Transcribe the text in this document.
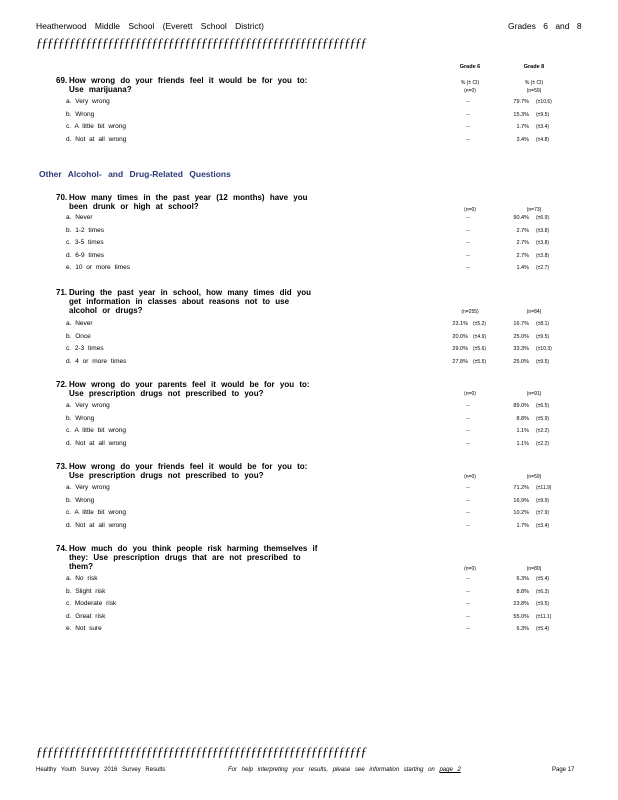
Heatherwood Middle School (Everett School District)	Grades 6 and 8
ƒƒƒƒƒƒƒƒƒƒƒƒƒƒƒƒƒƒƒƒƒƒƒƒƒƒƒƒƒƒƒƒƒƒƒƒƒƒƒƒƒƒƒƒƒƒƒƒƒƒƒƒƒƒƒƒƒƒƒƒ
Grade 6	Grade 8
% (± CI)	% (± CI)
69. How wrong do your friends feel it would be for you to: Use marijuana?	(n=0)	(n=59)
a. Very wrong	--	79.7% (±10.6)
b. Wrong	--	15.3% (±9.5)
c. A little bit wrong	--	1.7% (±3.4)
d. Not at all wrong	--	3.4% (±4.8)
70. How many times in the past year (12 months) have you been drunk or high at school?	(n=0)	(n=73)
a. Never	--	90.4% (±6.9)
b. 1-2 times	--	2.7% (±3.8)
c. 3-5 times	--	2.7% (±3.8)
d. 6-9 times	--	2.7% (±3.8)
e. 10 or more times	--	1.4% (±2.7)
71. During the past year in school, how many times did you get information in classes about reasons not to use alcohol or drugs?	(n=255)	(n=84)
a. Never	23.1% (±5.2)	16.7% (±8.1)
b. Once	20.0% (±4.9)	25.0% (±9.5)
c. 2-3 times	29.0% (±5.6)	33.3% (±10.3)
d. 4 or more times	27.8% (±5.5)	25.0% (±9.5)
72. How wrong do your parents feel it would be for you to: Use prescription drugs not prescribed to you?	(n=0)	(n=91)
a. Very wrong	--	89.0% (±6.5)
b. Wrong	--	8.8% (±5.9)
c. A little bit wrong	--	1.1% (±2.2)
d. Not at all wrong	--	1.1% (±2.2)
73. How wrong do your friends feel it would be for you to: Use prescription drugs not prescribed to you?	(n=0)	(n=59)
a. Very wrong	--	71.2% (±11.9)
b. Wrong	--	16.9% (±9.9)
c. A little bit wrong	--	10.2% (±7.9)
d. Not at all wrong	--	1.7% (±3.4)
74. How much do you think people risk harming themselves if they: Use prescription drugs that are not prescribed to them?	(n=0)	(n=80)
a. No risk	--	6.3% (±5.4)
b. Slight risk	--	8.8% (±6.3)
c. Moderate risk	--	23.8% (±9.5)
d. Great risk	--	55.0% (±11.1)
e. Not sure	--	6.3% (±5.4)
Other Alcohol- and Drug-Related Questions
ƒƒƒƒƒƒƒƒƒƒƒƒƒƒƒƒƒƒƒƒƒƒƒƒƒƒƒƒƒƒƒƒƒƒƒƒƒƒƒƒƒƒƒƒƒƒƒƒƒƒƒƒƒƒƒƒƒƒƒƒ
Healthy Youth Survey 2016 Survey Results	For help interpreting your results, please see information starting on page 2	Page 17
